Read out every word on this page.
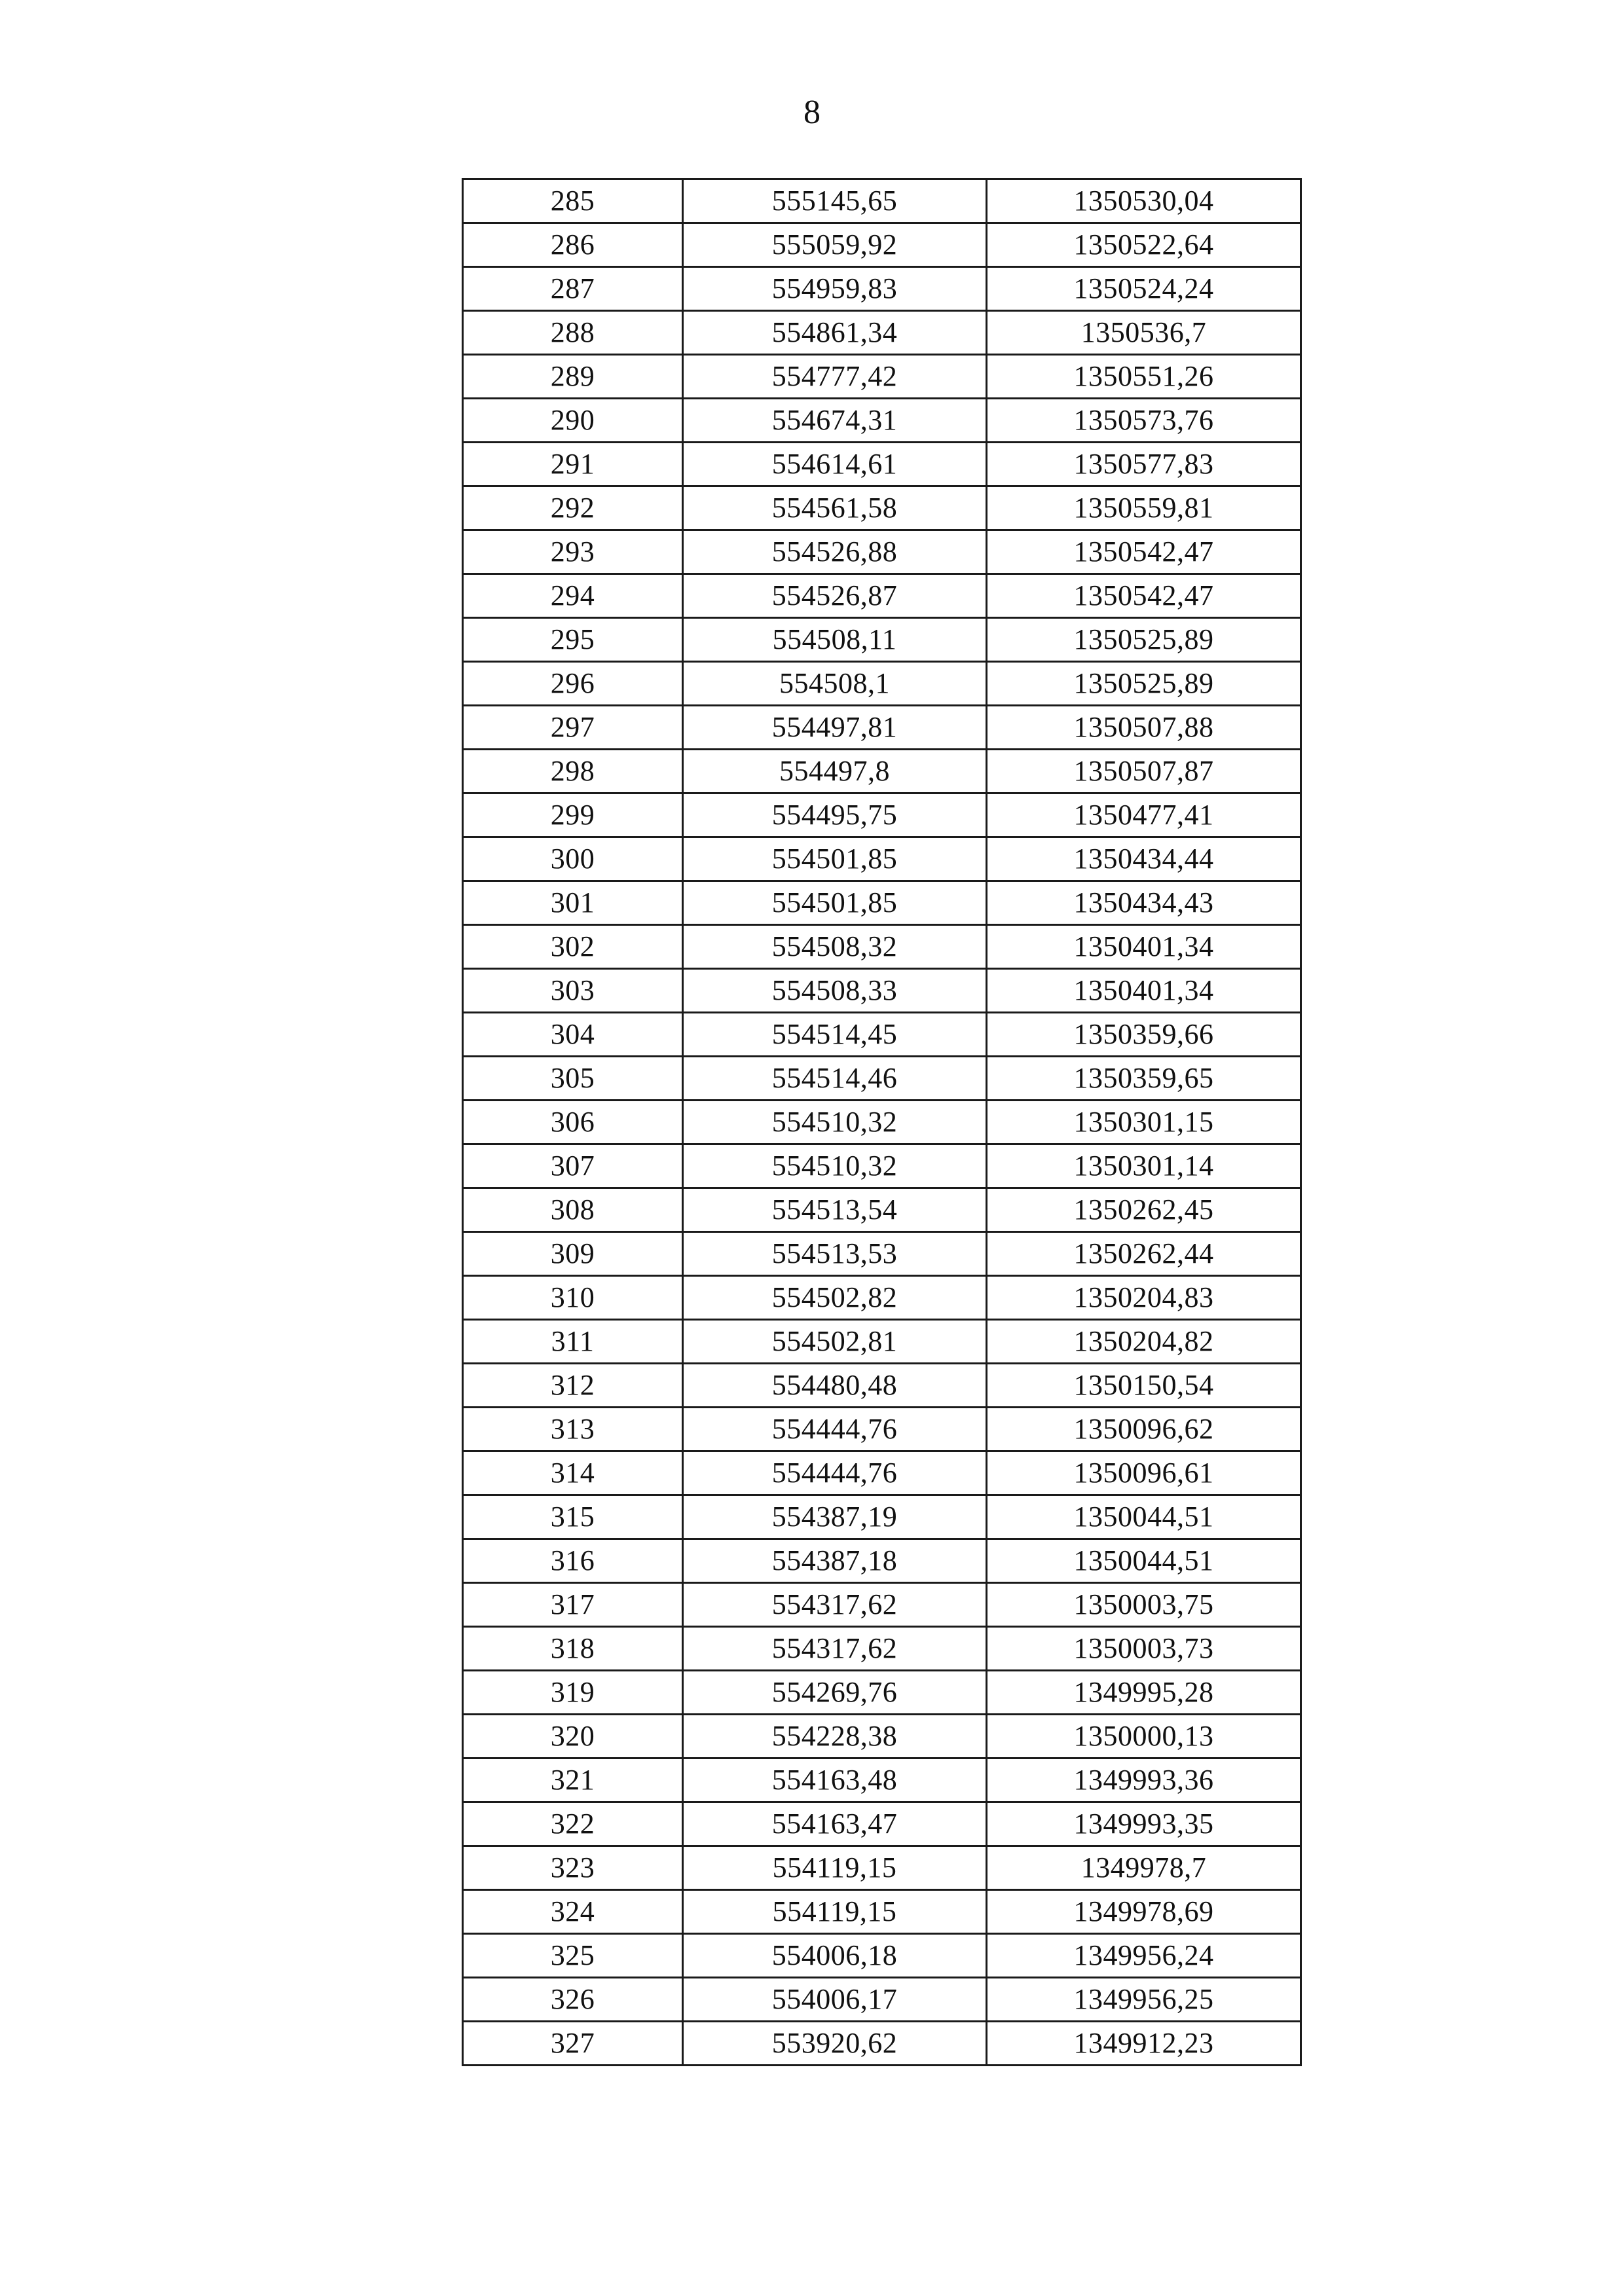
8
285	555145,65	1350530,04
286	555059,92	1350522,64
287	554959,83	1350524,24
288	554861,34	1350536,7
289	554777,42	1350551,26
290	554674,31	1350573,76
291	554614,61	1350577,83
292	554561,58	1350559,81
293	554526,88	1350542,47
294	554526,87	1350542,47
295	554508,11	1350525,89
296	554508,1	1350525,89
297	554497,81	1350507,88
298	554497,8	1350507,87
299	554495,75	1350477,41
300	554501,85	1350434,44
301	554501,85	1350434,43
302	554508,32	1350401,34
303	554508,33	1350401,34
304	554514,45	1350359,66
305	554514,46	1350359,65
306	554510,32	1350301,15
307	554510,32	1350301,14
308	554513,54	1350262,45
309	554513,53	1350262,44
310	554502,82	1350204,83
311	554502,81	1350204,82
312	554480,48	1350150,54
313	554444,76	1350096,62
314	554444,76	1350096,61
315	554387,19	1350044,51
316	554387,18	1350044,51
317	554317,62	1350003,75
318	554317,62	1350003,73
319	554269,76	1349995,28
320	554228,38	1350000,13
321	554163,48	1349993,36
322	554163,47	1349993,35
323	554119,15	1349978,7
324	554119,15	1349978,69
325	554006,18	1349956,24
326	554006,17	1349956,25
327	553920,62	1349912,23
